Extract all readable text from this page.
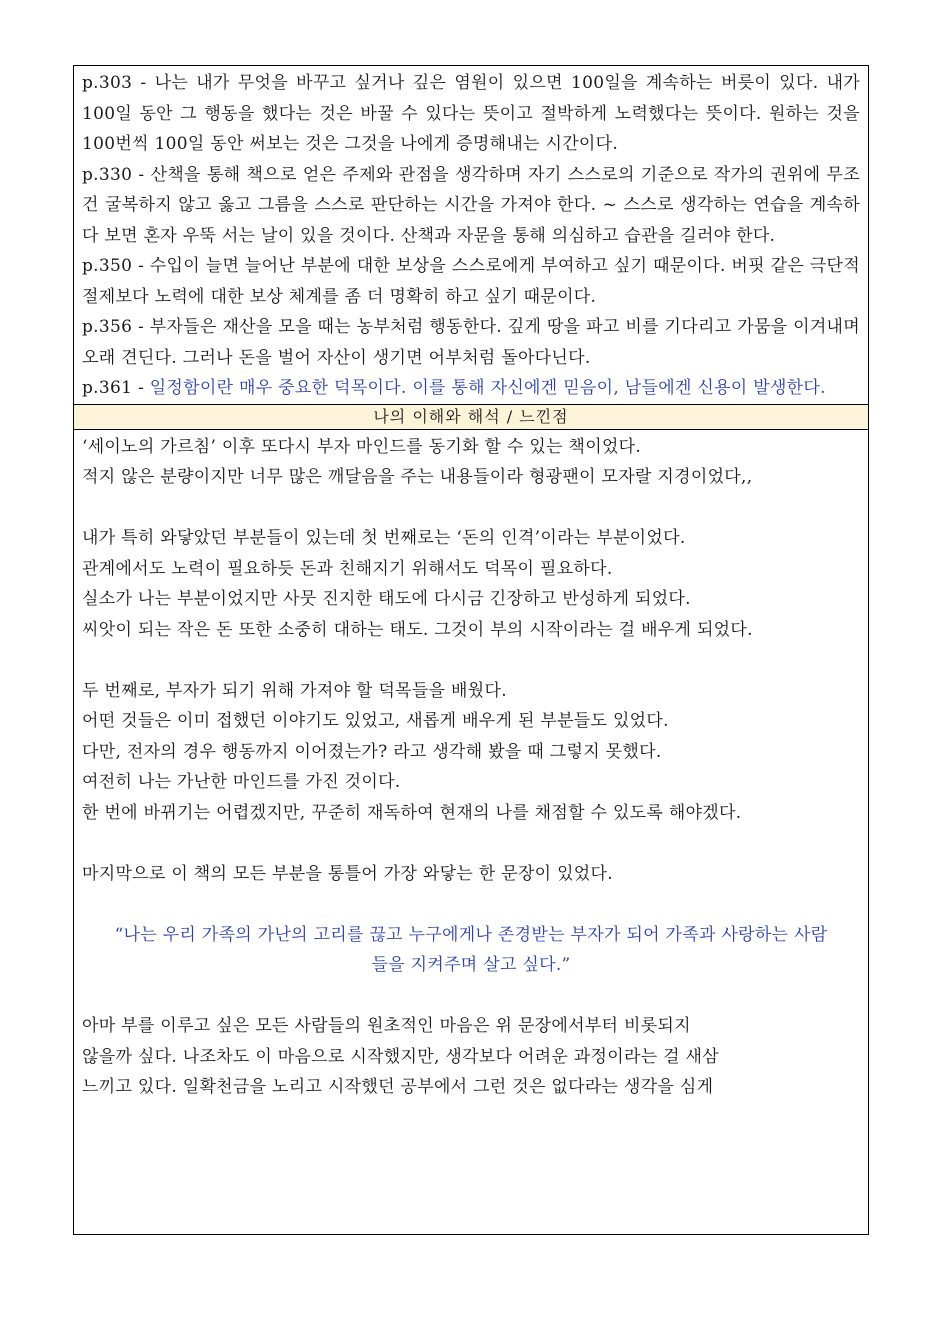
p.303 - 나는 내가 무엇을 바꾸고 싶거나 깊은 염원이 있으면 100일을 계속하는 버릇이 있다. 내가 100일 동안 그 행동을 했다는 것은 바꿀 수 있다는 뜻이고 절박하게 노력했다는 뜻이다. 원하는 것을 100번씩 100일 동안 써보는 것은 그것을 나에게 증명해내는 시간이다.

p.330 - 산책을 통해 책으로 얻은 주제와 관점을 생각하며 자기 스스로의 기준으로 작가의 권위에 무조건 굴복하지 않고 옳고 그름을 스스로 판단하는 시간을 가져야 한다. ~ 스스로 생각하는 연습을 계속하다 보면 혼자 우뚝 서는 날이 있을 것이다. 산책과 자문을 통해 의심하고 습관을 길러야 한다.

p.350 - 수입이 늘면 늘어난 부분에 대한 보상을 스스로에게 부여하고 싶기 때문이다. 버핏 같은 극단적 절제보다 노력에 대한 보상 체계를 좀 더 명확히 하고 싶기 때문이다.

p.356 - 부자들은 재산을 모을 때는 농부처럼 행동한다. 깊게 땅을 파고 비를 기다리고 가뭄을 이겨내며 오래 견딘다. 그러나 돈을 벌어 자산이 생기면 어부처럼 돌아다닌다.

p.361 - 일정함이란 매우 중요한 덕목이다. 이를 통해 자신에겐 믿음이, 남들에겐 신용이 발생한다.

나의 이해와 해석 / 느낀점

‘세이노의 가르침’ 이후 또다시 부자 마인드를 동기화 할 수 있는 책이었다.

적지 않은 분량이지만 너무 많은 깨달음을 주는 내용들이라 형광팬이 모자랄 지경이었다,,

내가 특히 와닿았던 부분들이 있는데 첫 번째로는 ‘돈의 인격’이라는 부분이었다.

관계에서도 노력이 필요하듯 돈과 친해지기 위해서도 덕목이 필요하다.

실소가 나는 부분이었지만 사뭇 진지한 태도에 다시금 긴장하고 반성하게 되었다.

씨앗이 되는 작은 돈 또한 소중히 대하는 태도. 그것이 부의 시작이라는 걸 배우게 되었다.

두 번째로, 부자가 되기 위해 가져야 할 덕목들을 배웠다.

어떤 것들은 이미 접했던 이야기도 있었고, 새롭게 배우게 된 부분들도 있었다.

다만, 전자의 경우 행동까지 이어졌는가? 라고 생각해 봤을 때 그렇지 못했다.

여전히 나는 가난한 마인드를 가진 것이다.

한 번에 바뀌기는 어렵겠지만, 꾸준히 재독하여 현재의 나를 채점할 수 있도록 해야겠다.

마지막으로 이 책의 모든 부분을 통틀어 가장 와닿는 한 문장이 있었다.

“나는 우리 가족의 가난의 고리를 끊고 누구에게나 존경받는 부자가 되어 가족과 사랑하는 사람들을 지켜주며 살고 싶다.”

아마 부를 이루고 싶은 모든 사람들의 원초적인 마음은 위 문장에서부터 비롯되지

않을까 싶다. 나조차도 이 마음으로 시작했지만, 생각보다 어려운 과정이라는 걸 새삼

느끼고 있다. 일확천금을 노리고 시작했던 공부에서 그런 것은 없다라는 생각을 심게
